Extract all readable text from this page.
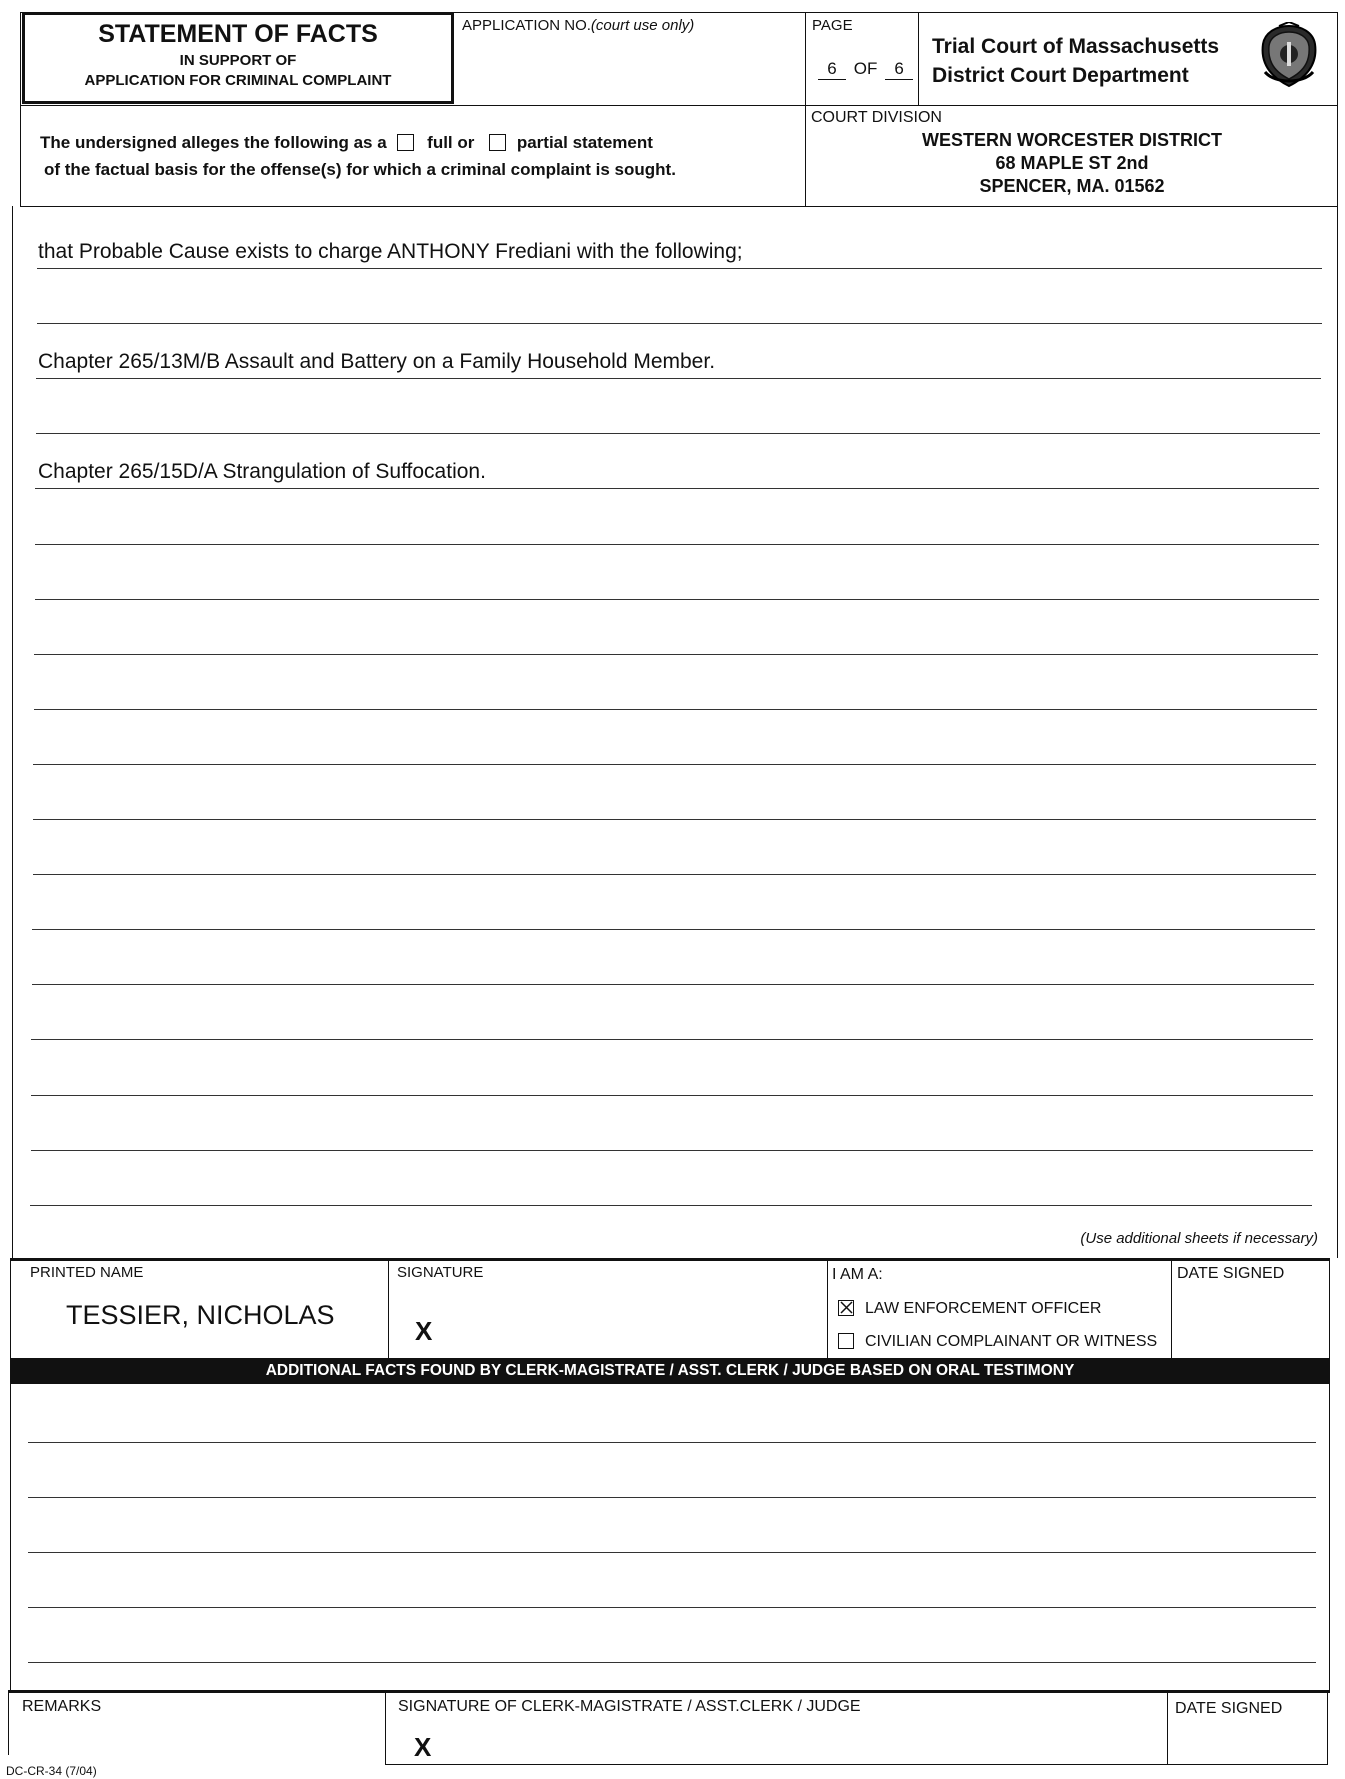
STATEMENT OF FACTS
IN SUPPORT OF
APPLICATION FOR CRIMINAL COMPLAINT
APPLICATION NO.(court use only)	PAGE
6 OF 6
Trial Court of Massachusetts
District Court Department
The undersigned alleges the following as a full or partial statement
of the factual basis for the offense(s) for which a criminal complaint is sought.
COURT DIVISION
WESTERN WORCESTER DISTRICT
68 MAPLE ST 2nd
SPENCER, MA. 01562
that Probable Cause exists to charge ANTHONY Frediani with the following;
Chapter 265/13M/B Assault and Battery on a Family Household Member.
Chapter 265/15D/A Strangulation of Suffocation.
(Use additional sheets if necessary)
PRINTED NAME
TESSIER, NICHOLAS
SIGNATURE
X
I AM A:
LAW ENFORCEMENT OFFICER
CIVILIAN COMPLAINANT OR WITNESS
DATE SIGNED
ADDITIONAL FACTS FOUND BY CLERK-MAGISTRATE / ASST. CLERK / JUDGE BASED ON ORAL TESTIMONY
REMARKS	SIGNATURE OF CLERK-MAGISTRATE / ASST.CLERK / JUDGE
X
DATE SIGNED
DC-CR-34 (7/04)
